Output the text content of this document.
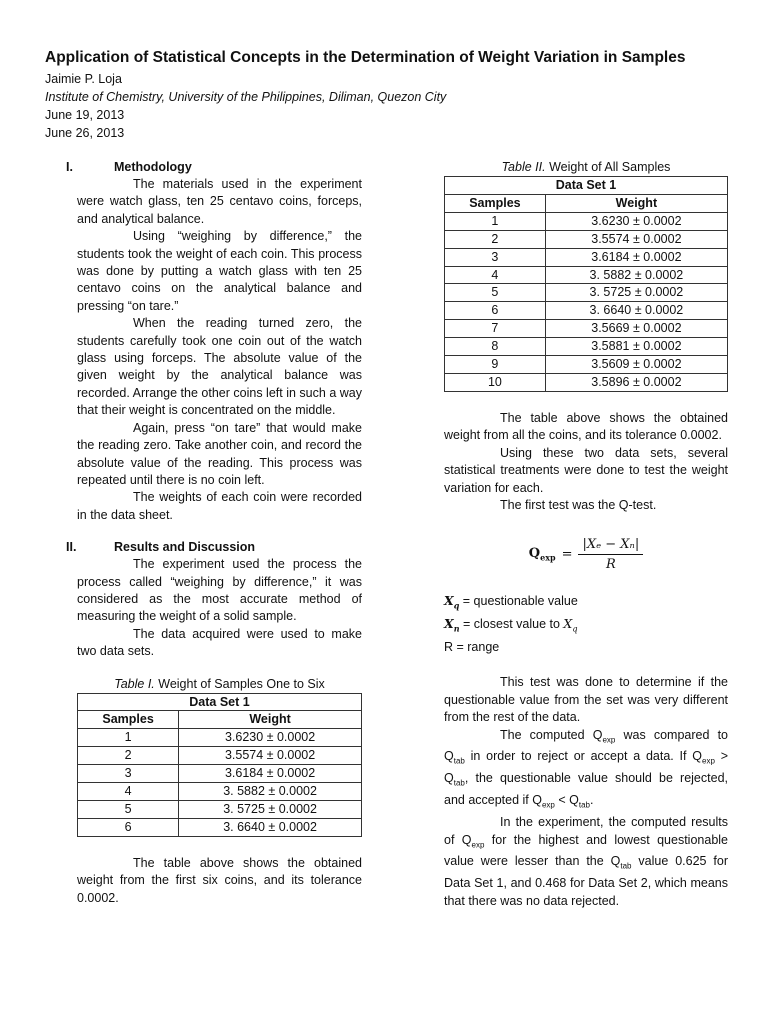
Application of Statistical Concepts in the Determination of Weight Variation in Samples

Jaimie P. Loja

Institute of Chemistry, University of the Philippines, Diliman, Quezon City

June 19, 2013

June 26, 2013

I.	Methodology

The materials used in the experiment were watch glass, ten 25 centavo coins, forceps, and analytical balance.

Using “weighing by difference,” the students took the weight of each coin. This process was done by putting a watch glass with ten 25 centavo coins on the analytical balance and pressing “on tare.”

When the reading turned zero, the students carefully took one coin out of the watch glass using forceps. The absolute value of the given weight by the analytical balance was recorded. Arrange the other coins left in such a way that their weight is concentrated on the middle.

Again, press “on tare” that would make the reading zero. Take another coin, and record the absolute value of the reading. This process was repeated until there is no coin left.

The weights of each coin were recorded in the data sheet.

II.	Results and Discussion

The experiment used the process the process called “weighing by difference,” it was considered as the most accurate method of measuring the weight of a solid sample.

The data acquired were used to make two data sets.

Table I. Weight of Samples One to Six

Data Set 1	
Samples	Weight
1	3.6230 ± 0.0002
2	3.5574 ± 0.0002
3	3.6184 ± 0.0002
4	3. 5882 ± 0.0002
5	3. 5725 ± 0.0002
6	3. 6640 ± 0.0002

The table above shows the obtained weight from the first six coins, and its tolerance 0.0002.

Table II. Weight of All Samples

Data Set 1	
Samples	Weight
1	3.6230 ± 0.0002
2	3.5574 ± 0.0002
3	3.6184 ± 0.0002
4	3. 5882 ± 0.0002
5	3. 5725 ± 0.0002
6	3. 6640 ± 0.0002
7	3.5669 ± 0.0002
8	3.5881 ± 0.0002
9	3.5609 ± 0.0002
10	3.5896 ± 0.0002

The table above shows the obtained weight from all the coins, and its tolerance 0.0002.

Using these two data sets, several statistical treatments were done to test the weight variation for each.

The first test was the Q-test.

$Q_{exp} = \frac{\text{|Xₑ − Xₙ|}}{R}$

$X_q$ = questionable value

$X_n$ = closest value to $X_q$

R = range

This test was done to determine if the questionable value from the set was very different from the rest of the data.

The computed $Q_{exp}$ was compared to $Q_{tab}$ in order to reject or accept a data. If $Q_{exp} > Q_{tab}$, the questionable value should be rejected, and accepted if $Q_{exp} < Q_{tab}$.

In the experiment, the computed results of $Q_{exp}$ for the highest and lowest questionable value were lesser than the $Q_{tab}$ value 0.625 for Data Set 1, and 0.468 for Data Set 2, which means that there was no data rejected.
